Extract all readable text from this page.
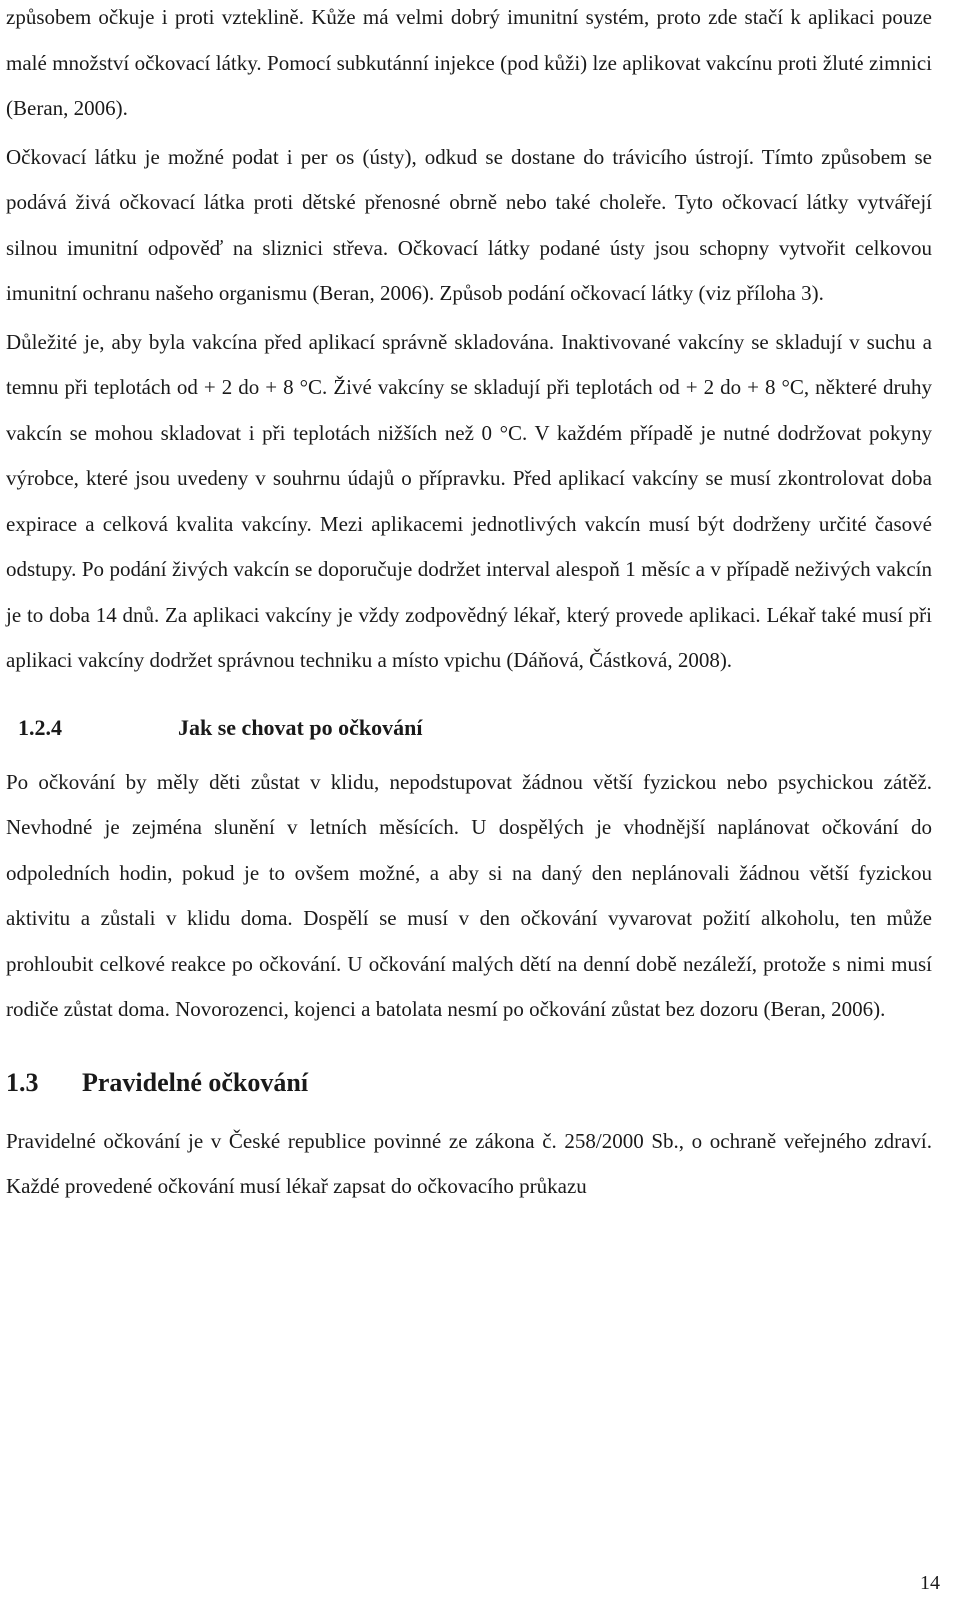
způsobem očkuje i proti vzteklině. Kůže má velmi dobrý imunitní systém, proto zde stačí k aplikaci pouze malé množství očkovací látky. Pomocí subkutánní injekce (pod kůži) lze aplikovat vakcínu proti žluté zimnici (Beran, 2006).

Očkovací látku je možné podat i per os (ústy), odkud se dostane do trávicího ústrojí. Tímto způsobem se podává živá očkovací látka proti dětské přenosné obrně nebo také choleře. Tyto očkovací látky vytvářejí silnou imunitní odpověď na sliznici střeva. Očkovací látky podané ústy jsou schopny vytvořit celkovou imunitní ochranu našeho organismu (Beran, 2006). Způsob podání očkovací látky (viz příloha 3).

Důležité je, aby byla vakcína před aplikací správně skladována. Inaktivované vakcíny se skladují v suchu a temnu při teplotách od + 2 do + 8 °C. Živé vakcíny se skladují při teplotách od + 2 do + 8 °C, některé druhy vakcín se mohou skladovat i při teplotách nižších než 0 °C. V každém případě je nutné dodržovat pokyny výrobce, které jsou uvedeny v souhrnu údajů o přípravku. Před aplikací vakcíny se musí zkontrolovat doba expirace a celková kvalita vakcíny. Mezi aplikacemi jednotlivých vakcín musí být dodrženy určité časové odstupy. Po podání živých vakcín se doporučuje dodržet interval alespoň 1 měsíc a v případě neživých vakcín je to doba 14 dnů. Za aplikaci vakcíny je vždy zodpovědný lékař, který provede aplikaci. Lékař také musí při aplikaci vakcíny dodržet správnou techniku a místo vpichu (Dáňová, Částková, 2008).

1.2.4	Jak se chovat po očkování

Po očkování by měly děti zůstat v klidu, nepodstupovat žádnou větší fyzickou nebo psychickou zátěž. Nevhodné je zejména slunění v letních měsících. U dospělých je vhodnější naplánovat očkování do odpoledních hodin, pokud je to ovšem možné, a aby si na daný den neplánovali žádnou větší fyzickou aktivitu a zůstali v klidu doma. Dospělí se musí v den očkování vyvarovat požití alkoholu, ten může prohloubit celkové reakce po očkování. U očkování malých dětí na denní době nezáleží, protože s nimi musí rodiče zůstat doma. Novorozenci, kojenci a batolata nesmí po očkování zůstat bez dozoru (Beran, 2006).

1.3 Pravidelné očkování

Pravidelné očkování je v České republice povinné ze zákona č. 258/2000 Sb., o ochraně veřejného zdraví. Každé provedené očkování musí lékař zapsat do očkovacího průkazu

14
